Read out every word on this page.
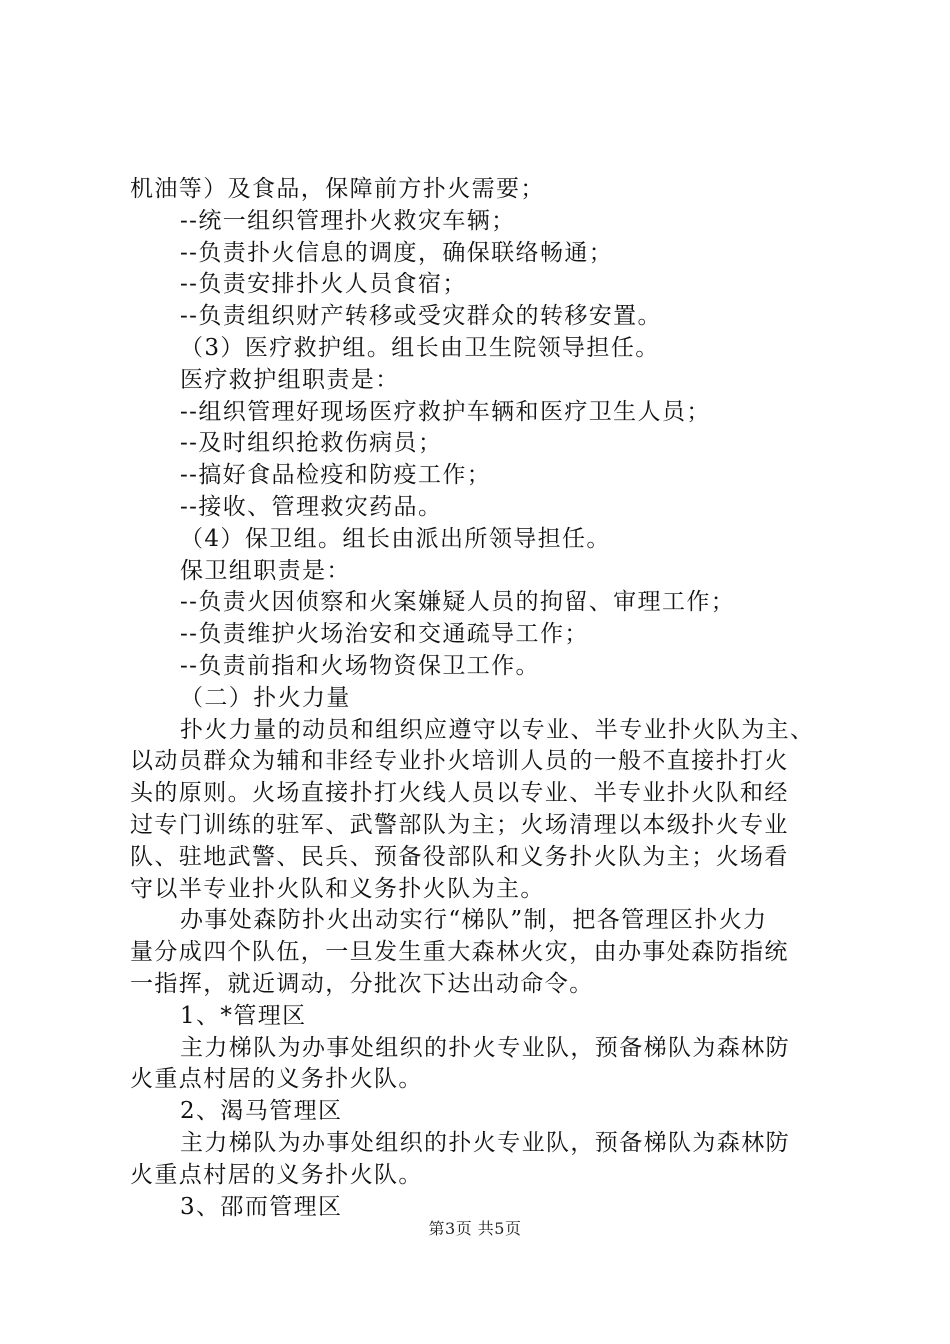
机油等）及食品，保障前方扑火需要；
--统一组织管理扑火救灾车辆；
--负责扑火信息的调度，确保联络畅通；
--负责安排扑火人员食宿；
--负责组织财产转移或受灾群众的转移安置。
（3）医疗救护组。组长由卫生院领导担任。
医疗救护组职责是：
--组织管理好现场医疗救护车辆和医疗卫生人员；
--及时组织抢救伤病员；
--搞好食品检疫和防疫工作；
--接收、管理救灾药品。
（4）保卫组。组长由派出所领导担任。
保卫组职责是：
--负责火因侦察和火案嫌疑人员的拘留、审理工作；
--负责维护火场治安和交通疏导工作；
--负责前指和火场物资保卫工作。
（二）扑火力量
扑火力量的动员和组织应遵守以专业、半专业扑火队为主、
以动员群众为辅和非经专业扑火培训人员的一般不直接扑打火
头的原则。火场直接扑打火线人员以专业、半专业扑火队和经
过专门训练的驻军、武警部队为主；火场清理以本级扑火专业
队、驻地武警、民兵、预备役部队和义务扑火队为主；火场看
守以半专业扑火队和义务扑火队为主。
办事处森防扑火出动实行“梯队”制，把各管理区扑火力
量分成四个队伍，一旦发生重大森林火灾，由办事处森防指统
一指挥，就近调动，分批次下达出动命令。
1、*管理区
主力梯队为办事处组织的扑火专业队，预备梯队为森林防
火重点村居的义务扑火队。
2、渴马管理区
主力梯队为办事处组织的扑火专业队，预备梯队为森林防
火重点村居的义务扑火队。
3、邵而管理区
第3页 共5页
